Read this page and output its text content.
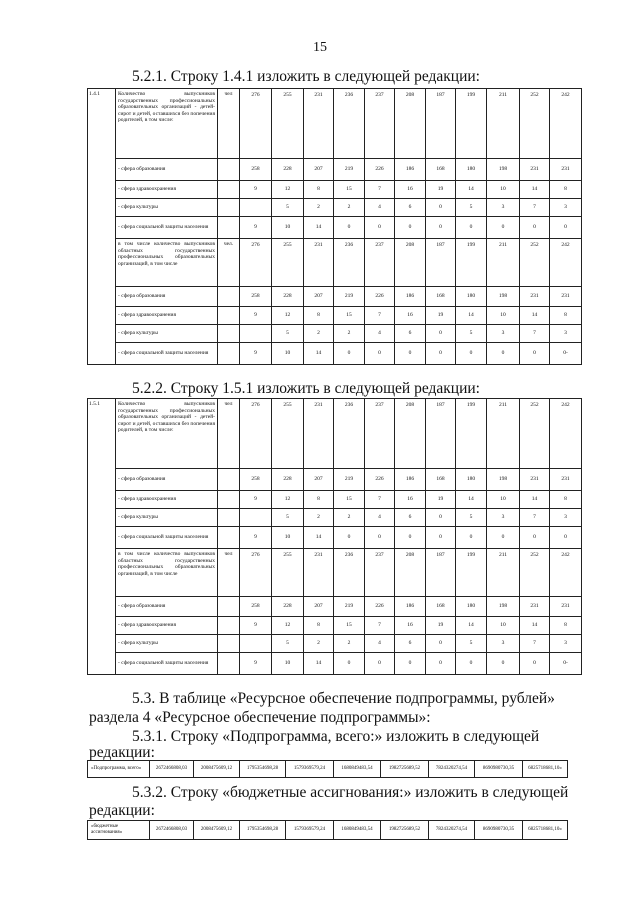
15
5.2.1. Строку 1.4.1 изложить в следующей редакции:
1.4.1	Количество выпускников государственных профессиональных образовательных организаций - детей-сирот и детей, оставшихся без попечения родителей, в том числе:	чел	276	255	231	236	237	208	187	199	211	252	242
	- сфера образования		258	228	207	219	226	186	168	180	198	231	231
	- сфера здравоохранения		9	12	8	15	7	16	19	14	10	14	8
	- сфера культуры			5	2	2	4	6	0	5	3	7	3
	- сфера социальной защиты населения		9	10	14	0	0	0	0	0	0	0	0
	в том числе количество выпускников областных государственных профессиональных образовательных организаций, в том числе	чел.	276	255	231	236	237	208	187	199	211	252	242
	- сфера образования		258	228	207	219	226	186	168	180	198	231	231
	- сфера здравоохранения		9	12	8	15	7	16	19	14	10	14	8
	- сфера культуры			5	2	2	4	6	0	5	3	7	3
	- сфера социальной защиты населения		9	10	14	0	0	0	0	0	0	0	0-
5.2.2. Строку 1.5.1 изложить в следующей редакции:
1.5.1	Количество выпускников государственных профессиональных образовательных организаций - детей-сирот и детей, оставшихся без попечения родителей, в том числе:	чел	276	255	231	236	237	208	187	199	211	252	242
	- сфера образования		258	228	207	219	226	186	168	180	198	231	231
	- сфера здравоохранения		9	12	8	15	7	16	19	14	10	14	8
	- сфера культуры			5	2	2	4	6	0	5	3	7	3
	- сфера социальной защиты населения		9	10	14	0	0	0	0	0	0	0	0
	в том числе количество выпускников областных государственных профессиональных образовательных организаций, в том числе	чел	276	255	231	236	237	208	187	199	211	252	242
	- сфера образования		258	228	207	219	226	186	168	180	198	231	231
	- сфера здравоохранения		9	12	8	15	7	16	19	14	10	14	8
	- сфера культуры			5	2	2	4	6	0	5	3	7	3
	- сфера социальной защиты населения		9	10	14	0	0	0	0	0	0	0	0-
5.3. В таблице «Ресурсное обеспечение подпрограммы, рублей»
раздела 4 «Ресурсное обеспечение подпрограммы»:
5.3.1. Строку «Подпрограмма, всего:» изложить в следующей
редакции:
«Подпрограмма, всего»	2672466808,03	2008475609,12	1795354698,28	1579369579,24	1680849483,54	1982725689,52	7824320274,54	8690980730,35	6825718681,10»
5.3.2. Строку «бюджетные ассигнования:» изложить в следующей
редакции:
«бюджетные ассигнования»	2672466808,03	2008475609,12	1795354698,28	1579369579,24	1680849483,54	1982725689,52	7824320274,54	8690980730,35	6825718681,10»
